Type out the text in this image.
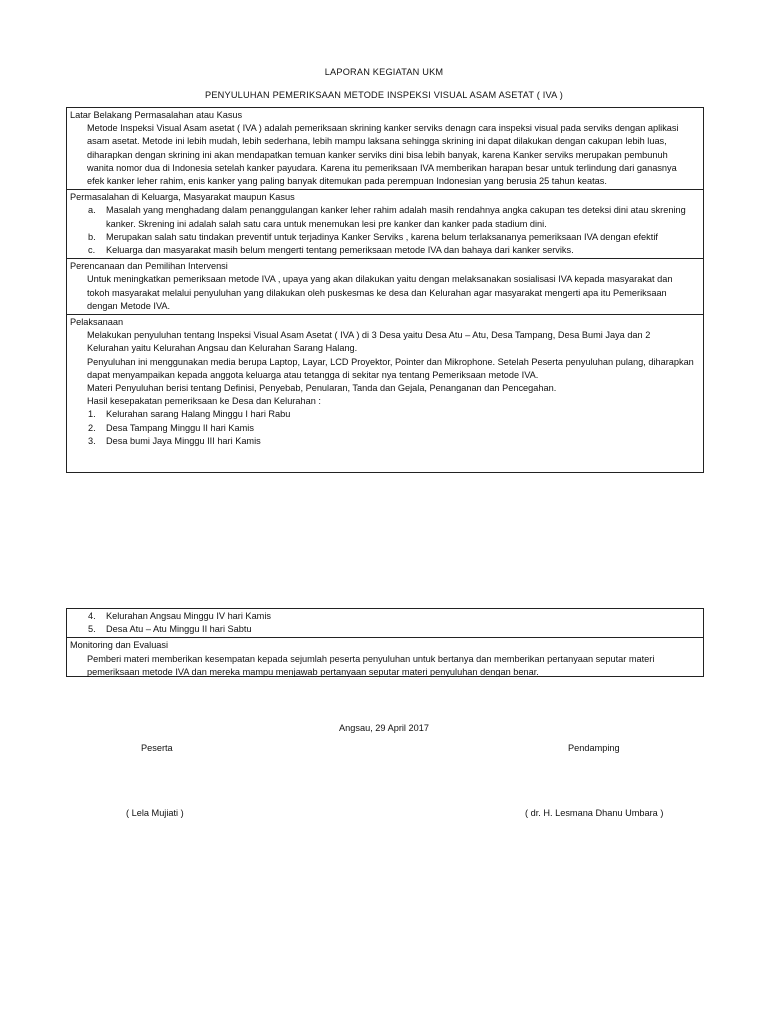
LAPORAN KEGIATAN UKM
PENYULUHAN PEMERIKSAAN METODE INSPEKSI VISUAL ASAM ASETAT ( IVA )
Latar Belakang Permasalahan atau Kasus
Metode Inspeksi Visual Asam asetat ( IVA ) adalah pemeriksaan skrining kanker serviks denagn cara inspeksi visual pada serviks dengan aplikasi asam asetat. Metode ini lebih mudah, lebih sederhana, lebih mampu laksana sehingga skrining ini dapat dilakukan dengan cakupan lebih luas, diharapkan dengan skrining ini akan mendapatkan temuan kanker serviks dini bisa lebih banyak, karena Kanker serviks merupakan pembunuh wanita nomor dua di Indonesia setelah kanker payudara. Karena itu pemeriksaan IVA memberikan harapan besar untuk terlindung dari ganasnya efek kanker leher rahim, enis kanker yang paling banyak ditemukan pada perempuan Indonesian yang berusia 25 tahun keatas.
Permasalahan di Keluarga, Masyarakat maupun Kasus
a. Masalah yang menghadang dalam penanggulangan kanker leher rahim adalah masih rendahnya angka cakupan tes deteksi dini atau skrening kanker. Skrening ini adalah salah satu cara untuk menemukan lesi pre kanker dan kanker pada stadium dini.
b. Merupakan salah satu tindakan preventif untuk terjadinya Kanker Serviks , karena belum terlaksananya pemeriksaan IVA dengan efektif
c. Keluarga dan masyarakat masih belum mengerti tentang pemeriksaan metode IVA dan bahaya dari kanker serviks.
Perencanaan dan Pemilihan Intervensi
Untuk meningkatkan pemeriksaan metode IVA , upaya yang akan dilakukan yaitu dengan melaksanakan sosialisasi IVA kepada masyarakat dan tokoh masyarakat melalui penyuluhan yang dilakukan oleh puskesmas ke desa dan Kelurahan agar masyarakat mengerti apa itu Pemeriksaan dengan Metode IVA.
Pelaksanaan
Melakukan penyuluhan tentang Inspeksi Visual Asam Asetat ( IVA ) di 3 Desa yaitu Desa Atu – Atu, Desa Tampang, Desa Bumi Jaya dan 2 Kelurahan yaitu Kelurahan Angsau dan Kelurahan Sarang Halang.
Penyuluhan ini menggunakan media berupa Laptop, Layar, LCD Proyektor, Pointer dan Mikrophone. Setelah Peserta penyuluhan pulang, diharapkan dapat menyampaikan kepada anggota keluarga atau tetangga di sekitar nya tentang Pemeriksaan metode IVA.
Materi Penyuluhan berisi tentang Definisi, Penyebab, Penularan, Tanda dan Gejala, Penanganan dan Pencegahan.
Hasil kesepakatan pemeriksaan ke Desa dan Kelurahan :
1. Kelurahan sarang Halang Minggu I hari Rabu
2. Desa Tampang Minggu II hari Kamis
3. Desa bumi Jaya Minggu III hari Kamis
4. Kelurahan Angsau Minggu IV hari Kamis
5. Desa Atu – Atu Minggu II hari Sabtu
Monitoring dan Evaluasi
Pemberi materi memberikan kesempatan kepada sejumlah peserta penyuluhan untuk bertanya dan memberikan pertanyaan seputar materi pemeriksaan metode IVA dan mereka mampu menjawab pertanyaan seputar materi penyuluhan dengan benar.
Angsau, 29 April 2017
Peserta	Pendamping
( Lela Mujiati )	( dr. H. Lesmana Dhanu Umbara )
